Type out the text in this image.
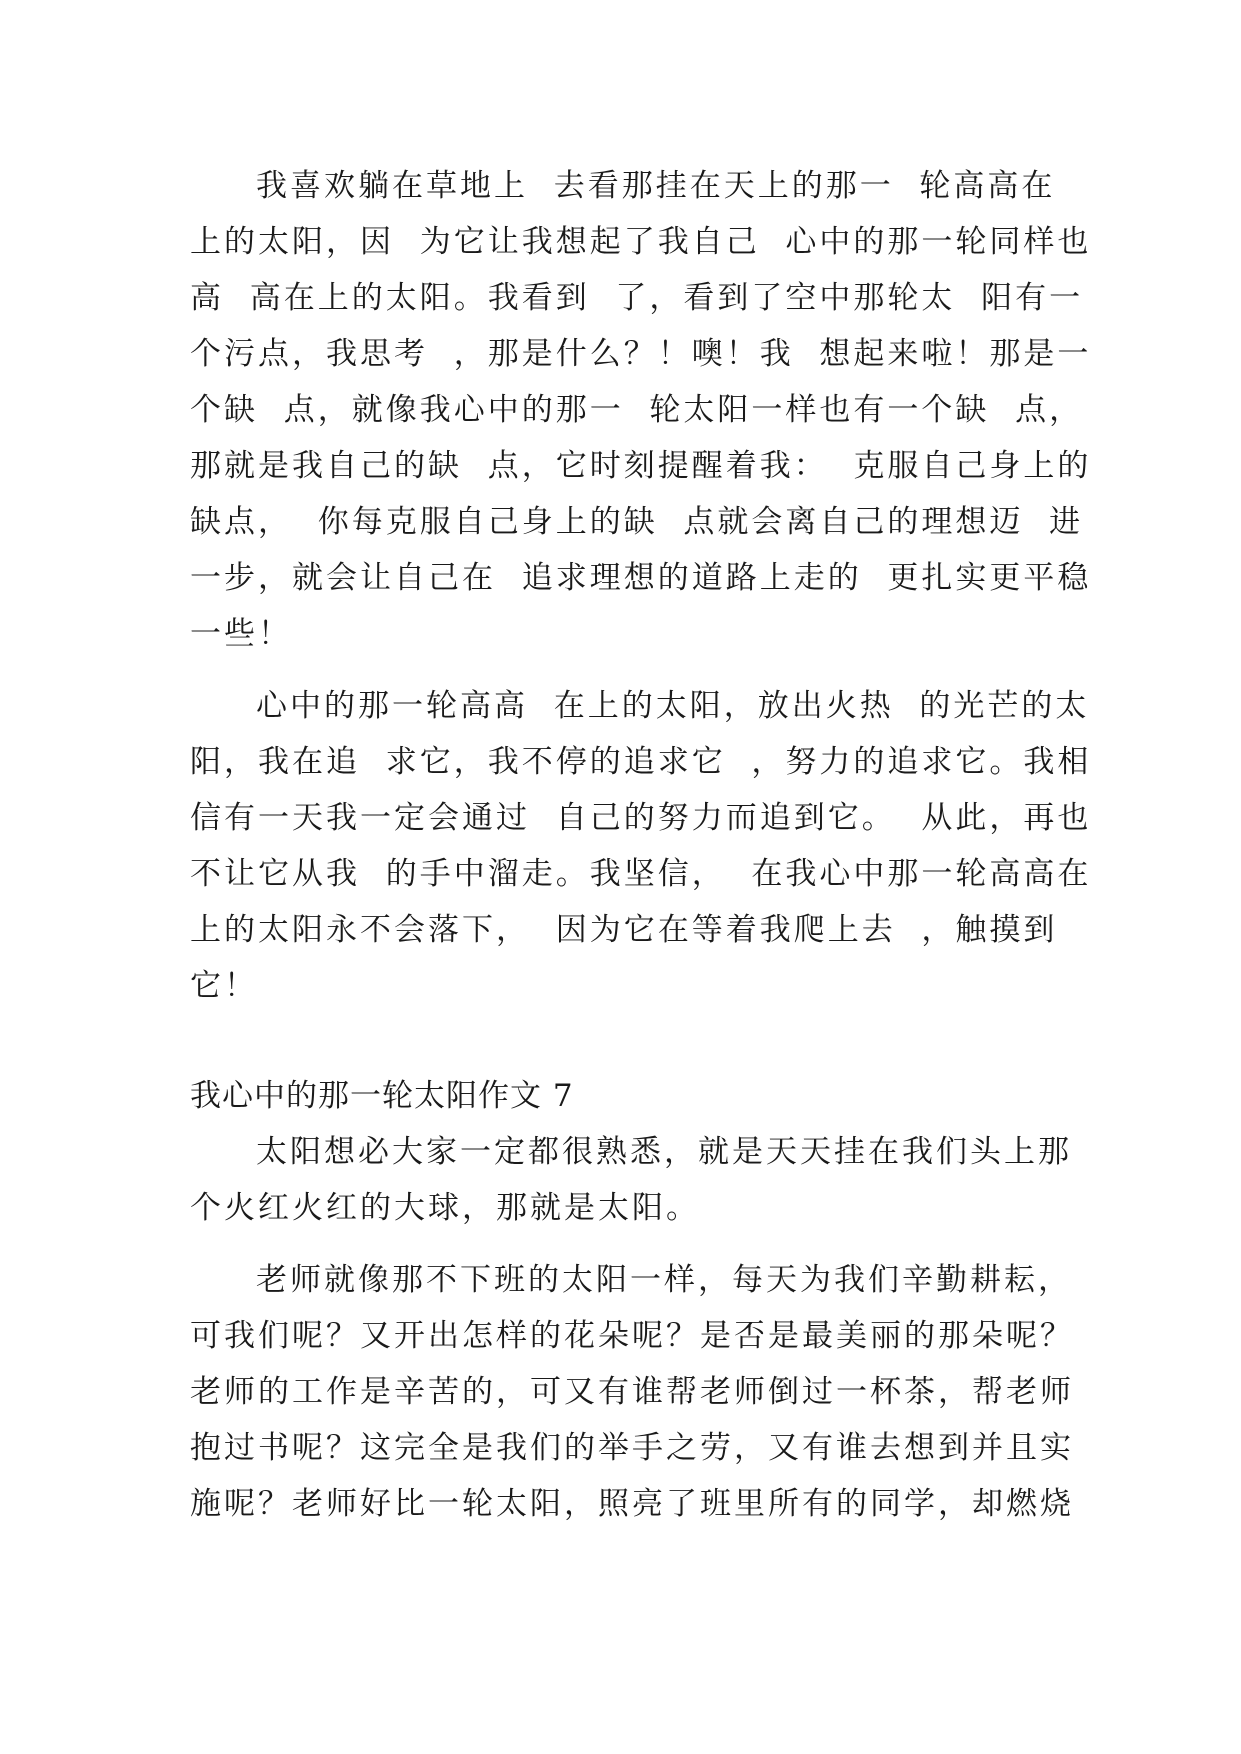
我喜欢躺在草地上  去看那挂在天上的那一  轮高高在
上的太阳，因  为它让我想起了我自己  心中的那一轮同样也
高  高在上的太阳。我看到  了，看到了空中那轮太  阳有一
个污点，我思考  ，那是什么？！噢！我  想起来啦！那是一
个缺  点，就像我心中的那一  轮太阳一样也有一个缺  点，
那就是我自己的缺  点，它时刻提醒着我：  克服自己身上的
缺点，  你每克服自己身上的缺  点就会离自己的理想迈  进
一步，就会让自己在  追求理想的道路上走的  更扎实更平稳
一些！
心中的那一轮高高  在上的太阳，放出火热  的光芒的太
阳，我在追  求它，我不停的追求它  ，努力的追求它。我相
信有一天我一定会通过  自己的努力而追到它。  从此，再也
不让它从我  的手中溜走。我坚信，  在我心中那一轮高高在
上的太阳永不会落下，  因为它在等着我爬上去  ，触摸到
它！
我心中的那一轮太阳作文 7
太阳想必大家一定都很熟悉，就是天天挂在我们头上那
个火红火红的大球，那就是太阳。
老师就像那不下班的太阳一样，每天为我们辛勤耕耘，
可我们呢？又开出怎样的花朵呢？是否是最美丽的那朵呢？
老师的工作是辛苦的，可又有谁帮老师倒过一杯茶，帮老师
抱过书呢？这完全是我们的举手之劳，又有谁去想到并且实
施呢？老师好比一轮太阳，照亮了班里所有的同学，却燃烧
